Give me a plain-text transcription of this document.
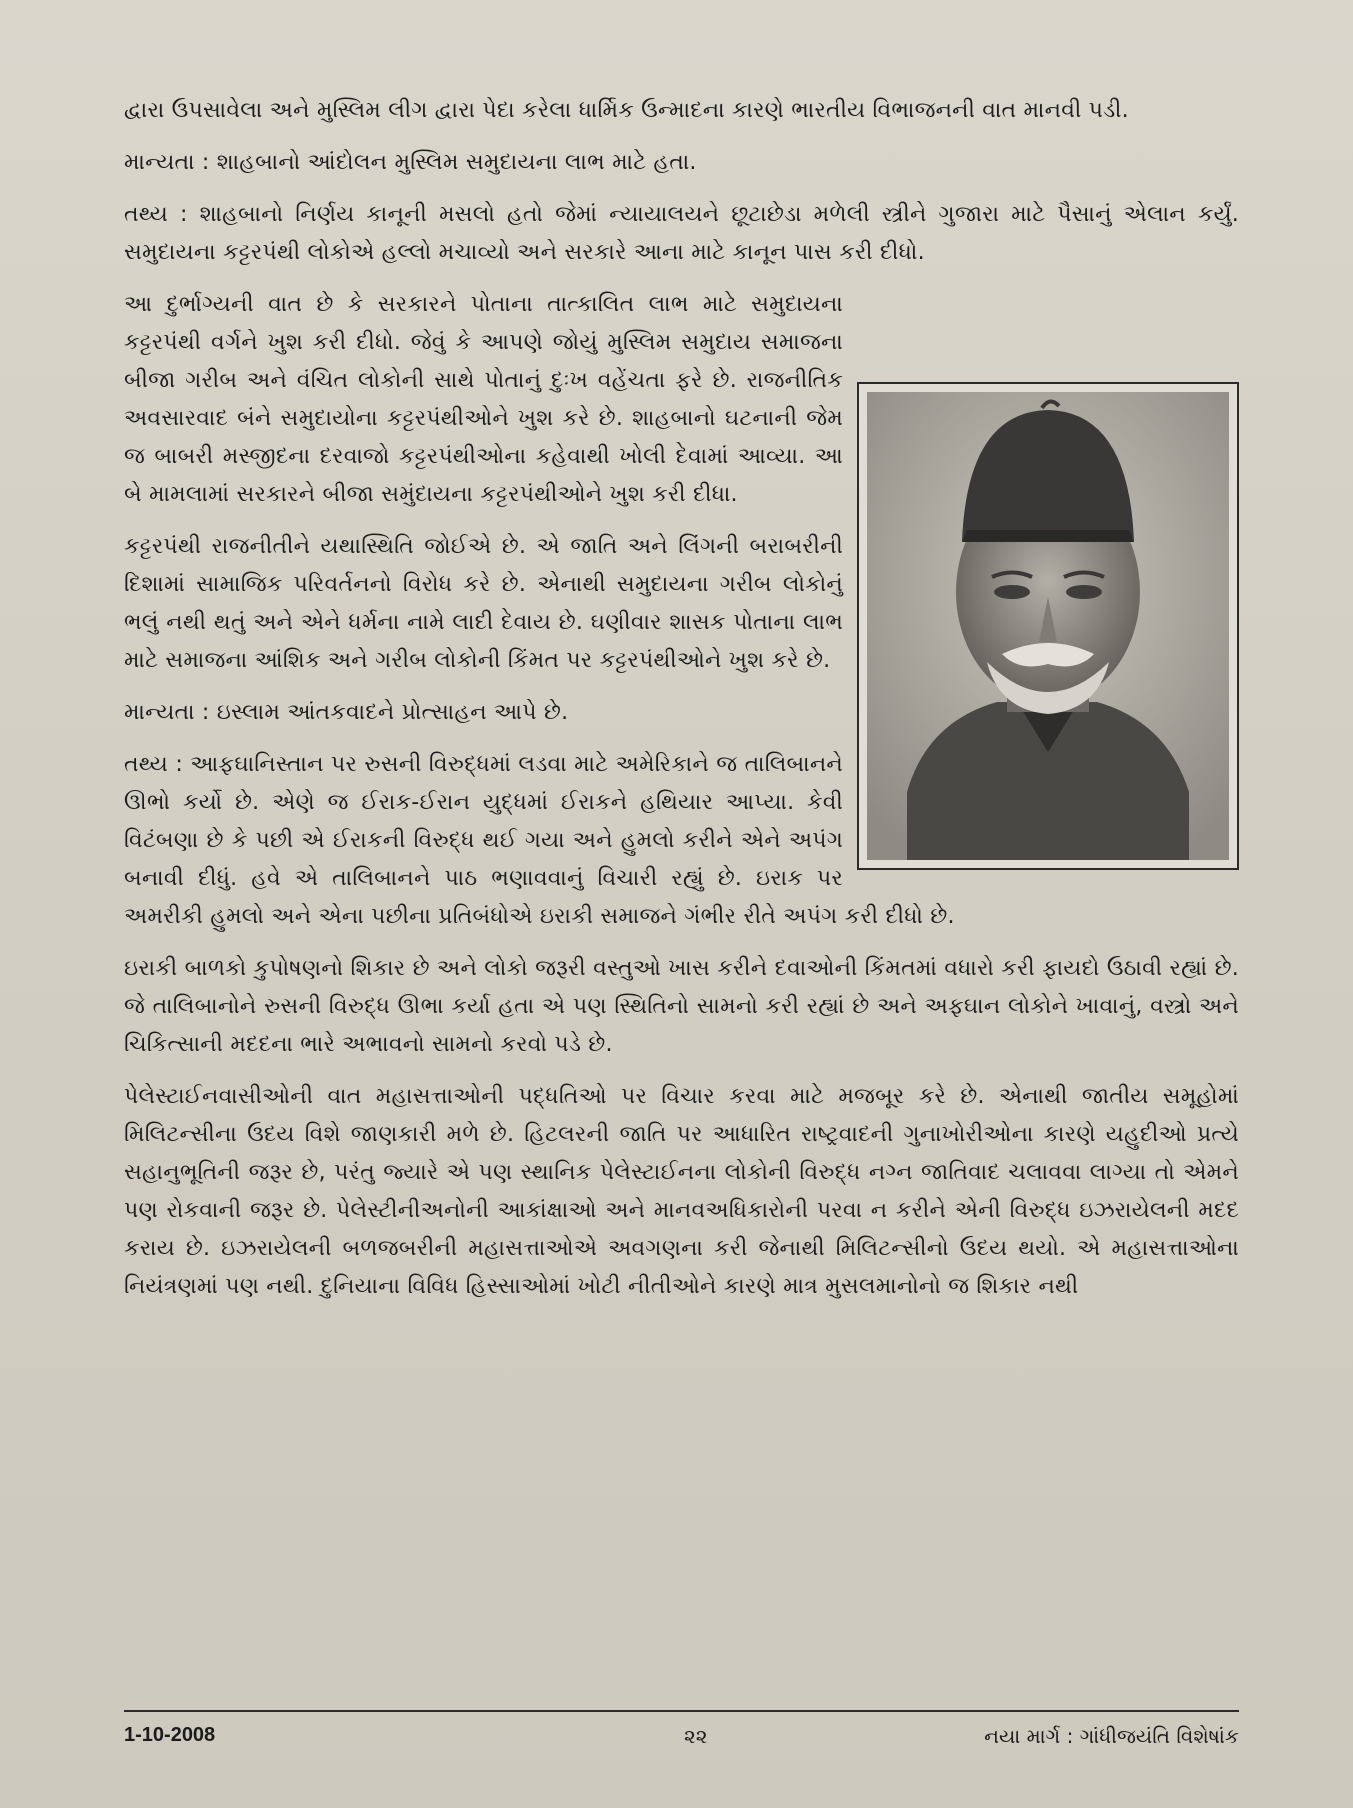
દ્વારા ઉપસાવેલા અને મુસ્લિમ લીગ દ્વારા પેદા કરેલા ધાર્મિક ઉન્માદના કારણે ભારતીય વિભાજનની વાત માનવી પડી.

માન્યતા : શાહબાનો આંદોલન મુસ્લિમ સમુદાયના લાભ માટે હતા.

તથ્ય : શાહબાનો નિર્ણય કાનૂની મસલો હતો જેમાં ન્યાયાલયને છૂટાછેડા મળેલી સ્ત્રીને ગુજારા માટે પૈસાનું એલાન કર્યું. સમુદાયના કટ્ટરપંથી લોકોએ હલ્લો મચાવ્યો અને સરકારે આના માટે કાનૂન પાસ કરી દીધો.

આ દુર્ભાગ્યની વાત છે કે સરકારને પોતાના તાત્કાલિત લાભ માટે સમુદાયના કટ્ટરપંથી વર્ગને ખુશ કરી દીધો. જેવું કે આપણે જોયું મુસ્લિમ સમુદાય સમાજના બીજા ગરીબ અને વંચિત લોકોની સાથે પોતાનું દુઃખ વહેંચતા ફરે છે. રાજનીતિક અવસારવાદ બંને સમુદાયોના કટ્ટરપંથીઓને ખુશ કરે છે. શાહબાનો ઘટનાની જેમ જ બાબરી મસ્જીદના દરવાજો કટ્ટરપંથીઓના કહેવાથી ખોલી દેવામાં આવ્યા. આ બે મામલામાં સરકારને બીજા સમુંદાયના કટ્ટરપંથીઓને ખુશ કરી દીધા.

કટ્ટરપંથી રાજનીતીને યથાસ્થિતિ જોઈએ છે. એ જાતિ અને લિંગની બરાબરીની દિશામાં સામાજિક પરિવર્તનનો વિરોધ કરે છે. એનાથી સમુદાયના ગરીબ લોકોનું ભલું નથી થતું અને એને ધર્મના નામે લાદી દેવાય છે. ઘણીવાર શાસક પોતાના લાભ માટે સમાજના આંશિક અને ગરીબ લોકોની કિંમત પર કટ્ટરપંથીઓને ખુશ કરે છે.

માન્યતા : ઇસ્લામ આંતકવાદને પ્રોત્સાહન આપે છે.

તથ્ય : આફઘાનિસ્તાન પર રુસની વિરુદ્ધમાં લડવા માટે અમેરિકાને જ તાલિબાનને ઊભો કર્યો છે. એણે જ ઈરાક-ઈરાન યુદ્ધમાં ઈરાકને હથિયાર આપ્યા. કેવી વિટંબણા છે કે પછી એ ઈરાકની વિરુદ્ધ થઈ ગયા અને હુમલો કરીને એને અપંગ બનાવી દીધું. હવે એ તાલિબાનને પાઠ ભણાવવાનું વિચારી રહ્યું છે. ઇરાક પર અમરીકી હુમલો અને એના પછીના પ્રતિબંધોએ ઇરાકી સમાજને ગંભીર રીતે અપંગ કરી દીધો છે.

ઇરાકી બાળકો કુપોષણનો શિકાર છે અને લોકો જરૂરી વસ્તુઓ ખાસ કરીને દવાઓની કિંમતમાં વધારો કરી ફાયદો ઉઠાવી રહ્યાં છે. જે તાલિબાનોને રુસની વિરુદ્ધ ઊભા કર્યા હતા એ પણ સ્થિતિનો સામનો કરી રહ્યાં છે અને અફઘાન લોકોને ખાવાનું, વસ્ત્રો અને ચિકિત્સાની મદદના ભારે અભાવનો સામનો કરવો પડે છે.

પેલેસ્ટાઈનવાસીઓની વાત મહાસત્તાઓની પદ્ધતિઓ પર વિચાર કરવા માટે મજબૂર કરે છે. એનાથી જાતીય સમૂહોમાં મિલિટન્સીના ઉદય વિશે જાણકારી મળે છે. હિટલરની જાતિ પર આધારિત રાષ્ટ્રવાદની ગુનાખોરીઓના કારણે યહુદીઓ પ્રત્યે સહાનુભૂતિની જરૂર છે, પરંતુ જ્યારે એ પણ સ્થાનિક પેલેસ્ટાઈનના લોકોની વિરુદ્ધ નગ્ન જાતિવાદ ચલાવવા લાગ્યા તો એમને પણ રોકવાની જરૂર છે. પેલેસ્ટીનીઅનોની આકાંક્ષાઓ અને માનવઅધિકારોની પરવા ન કરીને એની વિરુદ્ધ ઇઝરાયેલની મદદ કરાય છે. ઇઝરાયેલની બળજબરીની મહાસત્તાઓએ અવગણના કરી જેનાથી મિલિટન્સીનો ઉદય થયો. એ મહાસત્તાઓના નિયંત્રણમાં પણ નથી. દુનિયાના વિવિધ હિસ્સાઓમાં ખોટી નીતીઓને કારણે માત્ર મુસલમાનોનો જ શિકાર નથી

1-10-2008	૨૨	નયા માર્ગ : ગાંધીજયંતિ વિશેષાંક
